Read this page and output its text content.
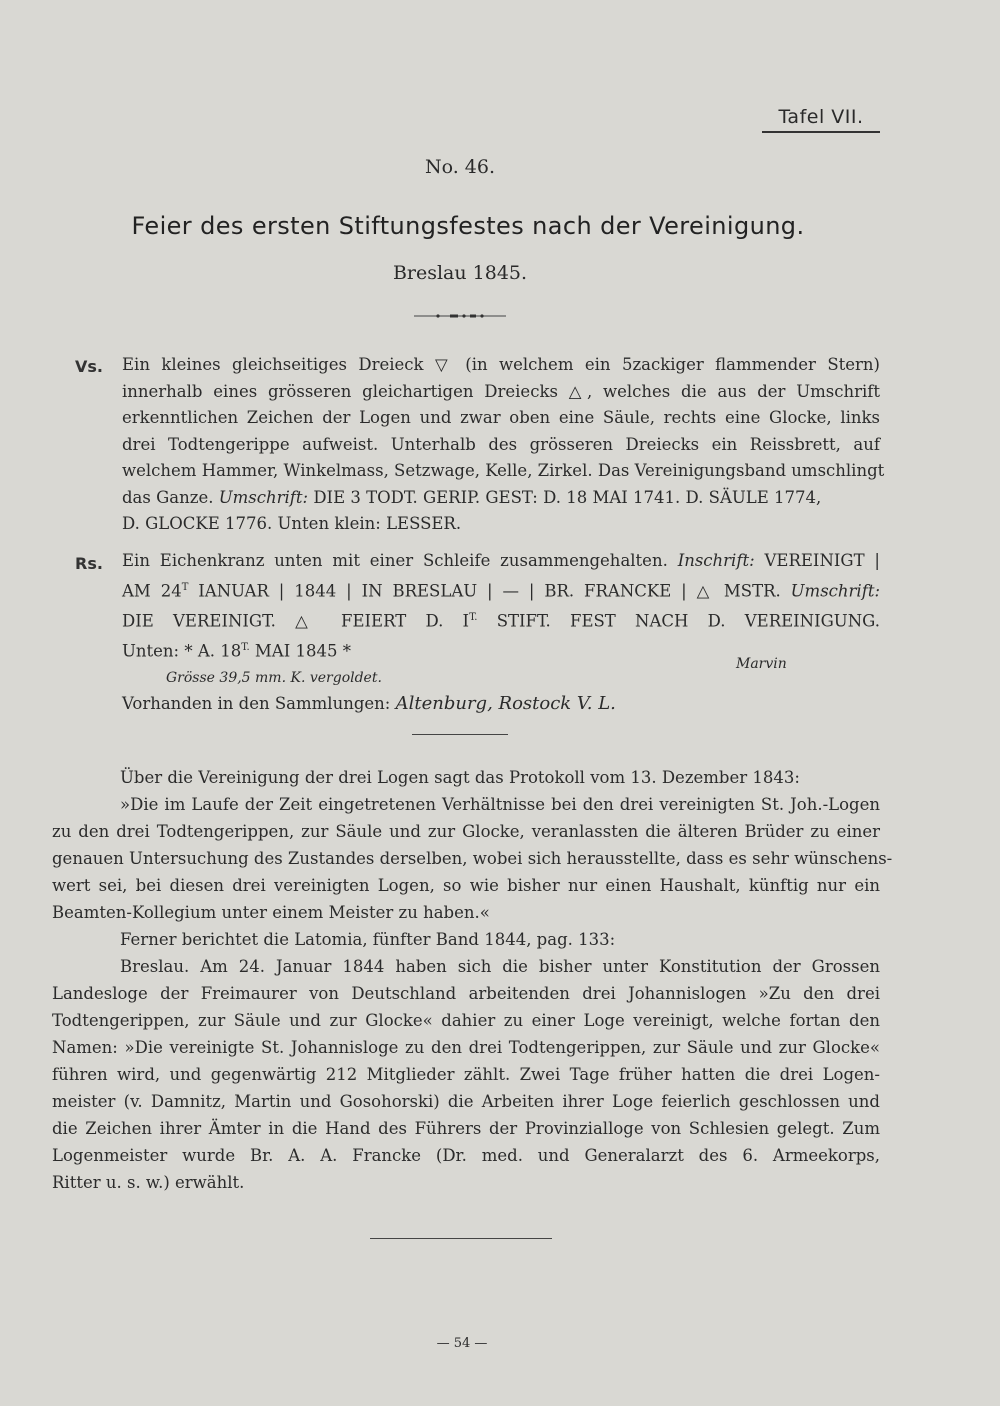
Tafel VII.
No. 46.
Feier des ersten Stiftungsfestes nach der Vereinigung.
Breslau 1845.
Vs. Ein kleines gleichseitiges Dreieck ▽ (in welchem ein 5zackiger flammender Stern)
innerhalb eines grösseren gleichartigen Dreiecks △, welches die aus der Umschrift
erkenntlichen Zeichen der Logen und zwar oben eine Säule, rechts eine Glocke, links
drei Todtengerippe aufweist. Unterhalb des grösseren Dreiecks ein Reissbrett, auf
welchem Hammer, Winkelmass, Setzwage, Kelle, Zirkel. Das Vereinigungsband umschlingt
das Ganze. Umschrift: DIE 3 TODT. GERIP. GEST: D. 18 MAI 1741. D. SÄULE 1774,
D. GLOCKE 1776. Unten klein: LESSER.
Rs. Ein Eichenkranz unten mit einer Schleife zusammengehalten. Inschrift: VEREINIGT |
AM $24^T$ IANUAR | 1844 | IN BRESLAU | — | BR. FRANCKE | △ MSTR. Umschrift:
DIE VEREINIGT. △ FEIERT D. $I^{T.}$ STIFT. FEST NACH D. VEREINIGUNG.
Unten: * A. $18^{T.}$ MAI 1845 *
Grösse 39,5 mm. K. vergoldet.
Vorhanden in den Sammlungen: Altenburg, Rostock V. L.
Marvin
Über die Vereinigung der drei Logen sagt das Protokoll vom 13. Dezember 1843:
»Die im Laufe der Zeit eingetretenen Verhältnisse bei den drei vereinigten St. Joh.-Logen
zu den drei Todtengerippen, zur Säule und zur Glocke, veranlassten die älteren Brüder zu einer
genauen Untersuchung des Zustandes derselben, wobei sich herausstellte, dass es sehr wünschens-
wert sei, bei diesen drei vereinigten Logen, so wie bisher nur einen Haushalt, künftig nur ein
Beamten-Kollegium unter einem Meister zu haben.«
Ferner berichtet die Latomia, fünfter Band 1844, pag. 133:
Breslau. Am 24. Januar 1844 haben sich die bisher unter Konstitution der Grossen
Landesloge der Freimaurer von Deutschland arbeitenden drei Johannislogen »Zu den drei
Todtengerippen, zur Säule und zur Glocke« dahier zu einer Loge vereinigt, welche fortan den
Namen: »Die vereinigte St. Johannisloge zu den drei Todtengerippen, zur Säule und zur Glocke«
führen wird, und gegenwärtig 212 Mitglieder zählt. Zwei Tage früher hatten die drei Logen-
meister (v. Damnitz, Martin und Gosohorski) die Arbeiten ihrer Loge feierlich geschlossen und
die Zeichen ihrer Ämter in die Hand des Führers der Provinzialloge von Schlesien gelegt. Zum
Logenmeister wurde Br. A. A. Francke (Dr. med. und Generalarzt des 6. Armeekorps,
Ritter u. s. w.) erwählt.
— 54 —
